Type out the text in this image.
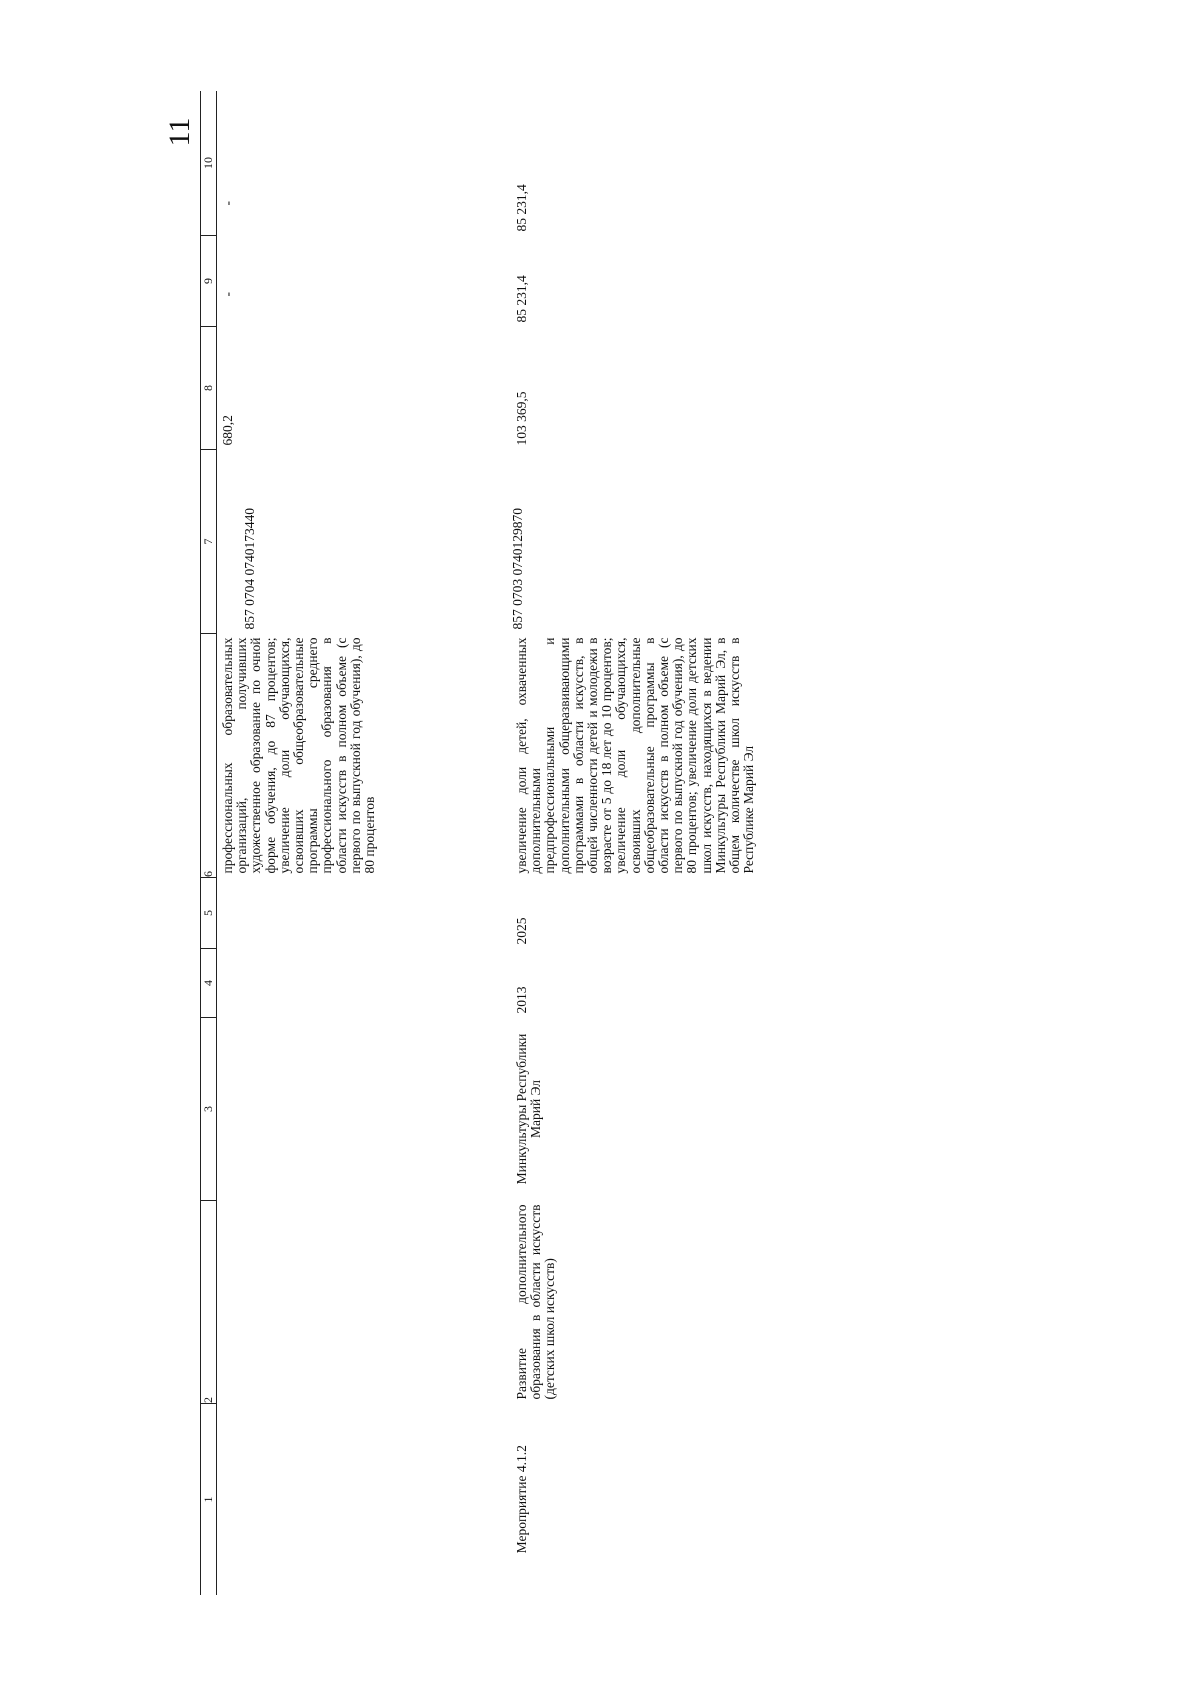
11
1	2	3	4	5	6	7	8	9	10
					профессиональных образовательных организаций, получивших художественное образование по очной форме обучения, до 87 процентов; увеличение доли обучающихся, освоивших общеобразовательные программы среднего профессионального образования в области искусств в полном объеме (с первого по выпускной год обучения), до 80 процентов	857 0704 0740173440	680,2	-	-
Мероприятие 4.1.2	Развитие дополнительного образования в области искусств (детских школ искусств)	Минкультуры Республики Марий Эл	2013	2025	увеличение доли детей, охваченных дополнительными предпрофессиональными и дополнительными общеразвивающими программами в области искусств, в общей численности детей и молодежи в возрасте от 5 до 18 лет до 10 процентов; увеличение доли обучающихся, освоивших дополнительные общеобразовательные программы в области искусств в полном объеме (с первого по выпускной год обучения), до 80 процентов; увеличение доли детских школ искусств, находящихся в ведении Минкультуры Республики Марий Эл, в общем количестве школ искусств в Республике Марий Эл	857 0703 0740129870	103 369,5	85 231,4	85 231,4
